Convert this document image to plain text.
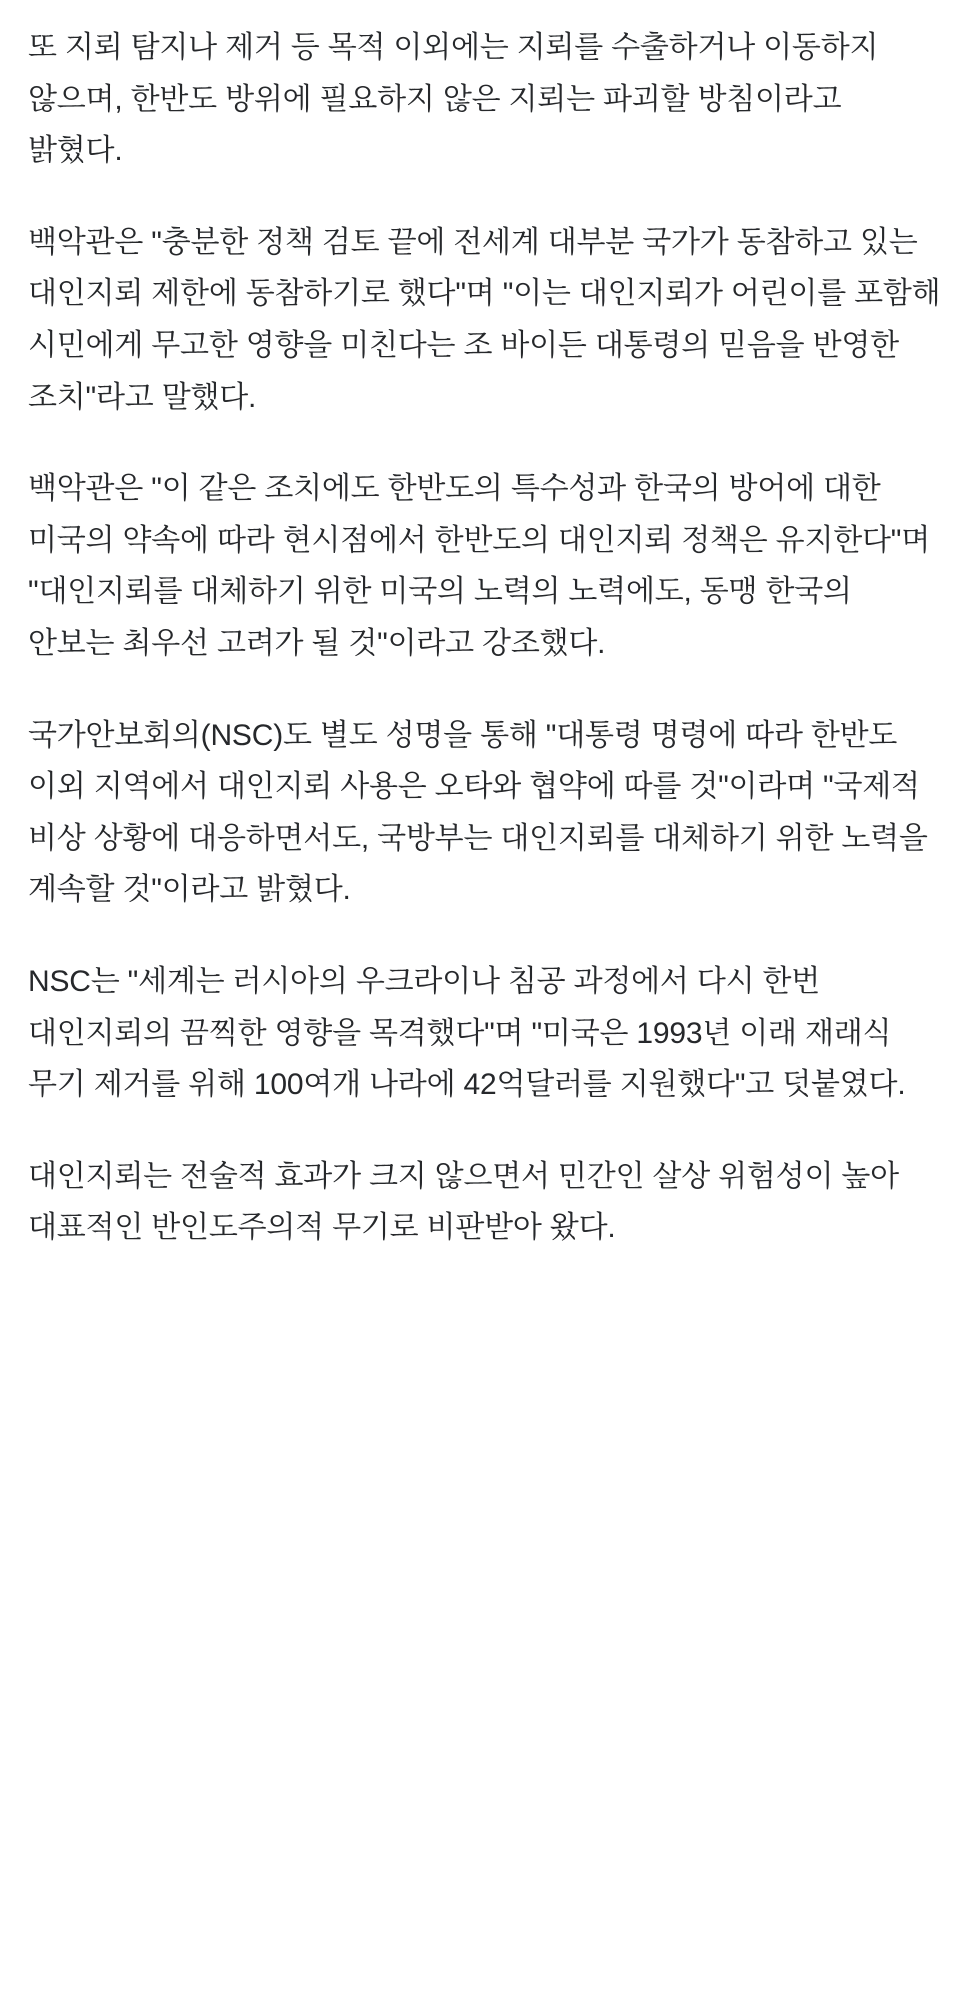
또 지뢰 탐지나 제거 등 목적 이외에는 지뢰를 수출하거나 이동하지 않으며, 한반도 방위에 필요하지 않은 지뢰는 파괴할 방침이라고 밝혔다.

백악관은 "충분한 정책 검토 끝에 전세계 대부분 국가가 동참하고 있는 대인지뢰 제한에 동참하기로 했다"며 "이는 대인지뢰가 어린이를 포함해 시민에게 무고한 영향을 미친다는 조 바이든 대통령의 믿음을 반영한 조치"라고 말했다.

백악관은 "이 같은 조치에도 한반도의 특수성과 한국의 방어에 대한 미국의 약속에 따라 현시점에서 한반도의 대인지뢰 정책은 유지한다"며 "대인지뢰를 대체하기 위한 미국의 노력의 노력에도, 동맹 한국의 안보는 최우선 고려가 될 것"이라고 강조했다.

국가안보회의(NSC)도 별도 성명을 통해 "대통령 명령에 따라 한반도 이외 지역에서 대인지뢰 사용은 오타와 협약에 따를 것"이라며 "국제적 비상 상황에 대응하면서도, 국방부는 대인지뢰를 대체하기 위한 노력을 계속할 것"이라고 밝혔다.

NSC는 "세계는 러시아의 우크라이나 침공 과정에서 다시 한번 대인지뢰의 끔찍한 영향을 목격했다"며 "미국은 1993년 이래 재래식 무기 제거를 위해 100여개 나라에 42억달러를 지원했다"고 덧붙였다.

대인지뢰는 전술적 효과가 크지 않으면서 민간인 살상 위험성이 높아 대표적인 반인도주의적 무기로 비판받아 왔다.
